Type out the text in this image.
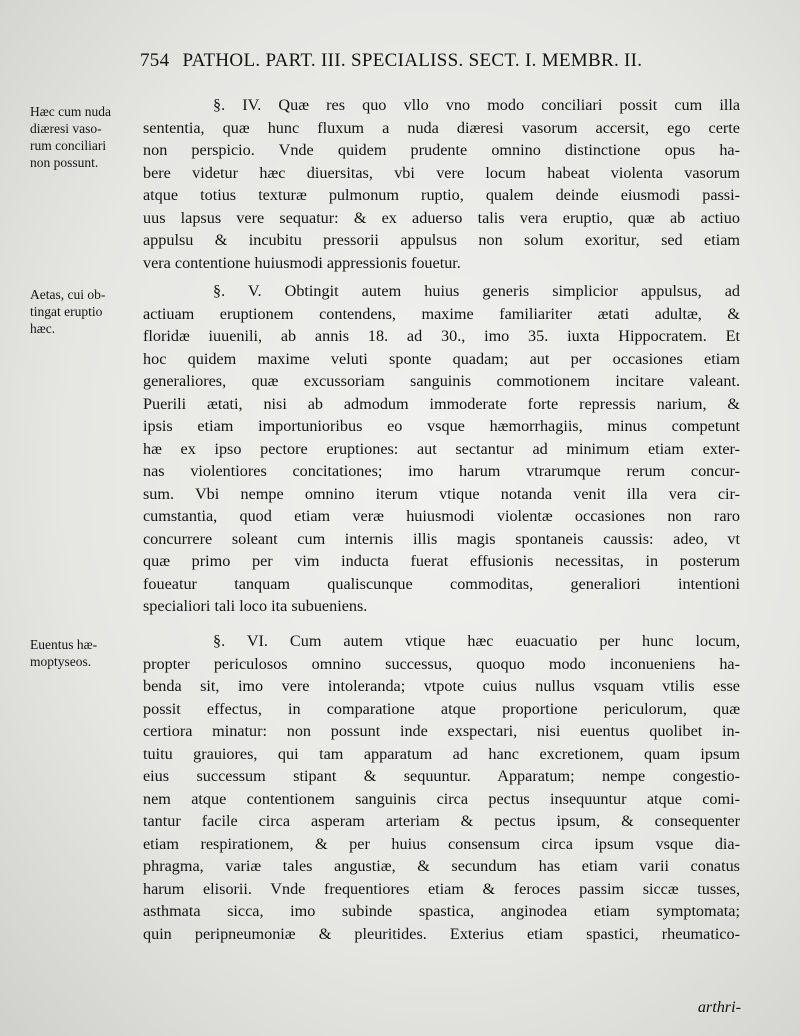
754 PATHOL. PART. III. SPECIALISS. SECT. I. MEMBR. II.
Hæc cum nuda
diæresi vaso-
rum conciliari
non possunt.
Aetas, cui ob-
tingat eruptio
hæc.
Euentus hæ-
moptyseos.
§. IV. Quæ res quo vllo vno modo conciliari possit cum illa
sententia, quæ hunc fluxum a nuda diæresi vasorum accersit, ego certe
non perspicio. Vnde quidem prudente omnino distinctione opus ha-
bere videtur hæc diuersitas, vbi vere locum habeat violenta vasorum
atque totius texturæ pulmonum ruptio, qualem deinde eiusmodi passi-
uus lapsus vere sequatur: & ex aduerso talis vera eruptio, quæ ab actiuo
appulsu & incubitu pressorii appulsus non solum exoritur, sed etiam
vera contentione huiusmodi appressionis fouetur.
§. V. Obtingit autem huius generis simplicior appulsus, ad
actiuam eruptionem contendens, maxime familiariter ætati adultæ, &
floridæ iuuenili, ab annis 18. ad 30., imo 35. iuxta Hippocratem. Et
hoc quidem maxime veluti sponte quadam; aut per occasiones etiam
generaliores, quæ excussoriam sanguinis commotionem incitare valeant.
Puerili ætati, nisi ab admodum immoderate forte repressis narium, &
ipsis etiam importunioribus eo vsque hæmorrhagiis, minus competunt
hæ ex ipso pectore eruptiones: aut sectantur ad minimum etiam exter-
nas violentiores concitationes; imo harum vtrarumque rerum concur-
sum. Vbi nempe omnino iterum vtique notanda venit illa vera cir-
cumstantia, quod etiam veræ huiusmodi violentæ occasiones non raro
concurrere soleant cum internis illis magis spontaneis caussis: adeo, vt
quæ primo per vim inducta fuerat effusionis necessitas, in posterum
foueatur tanquam qualiscunque commoditas, generaliori intentioni
specialiori tali loco ita subueniens.
§. VI. Cum autem vtique hæc euacuatio per hunc locum,
propter periculosos omnino successus, quoquo modo inconueniens ha-
benda sit, imo vere intoleranda; vtpote cuius nullus vsquam vtilis esse
possit effectus, in comparatione atque proportione periculorum, quæ
certiora minatur: non possunt inde exspectari, nisi euentus quolibet in-
tuitu grauiores, qui tam apparatum ad hanc excretionem, quam ipsum
eius successum stipant & sequuntur. Apparatum; nempe congestio-
nem atque contentionem sanguinis circa pectus insequuntur atque comi-
tantur facile circa asperam arteriam & pectus ipsum, & consequenter
etiam respirationem, & per huius consensum circa ipsum vsque dia-
phragma, variæ tales angustiæ, & secundum has etiam varii conatus
harum elisorii. Vnde frequentiores etiam & feroces passim siccæ tusses,
asthmata sicca, imo subinde spastica, anginodea etiam symptomata;
quin peripneumoniæ & pleuritides. Exterius etiam spastici, rheumatico-
arthri-
